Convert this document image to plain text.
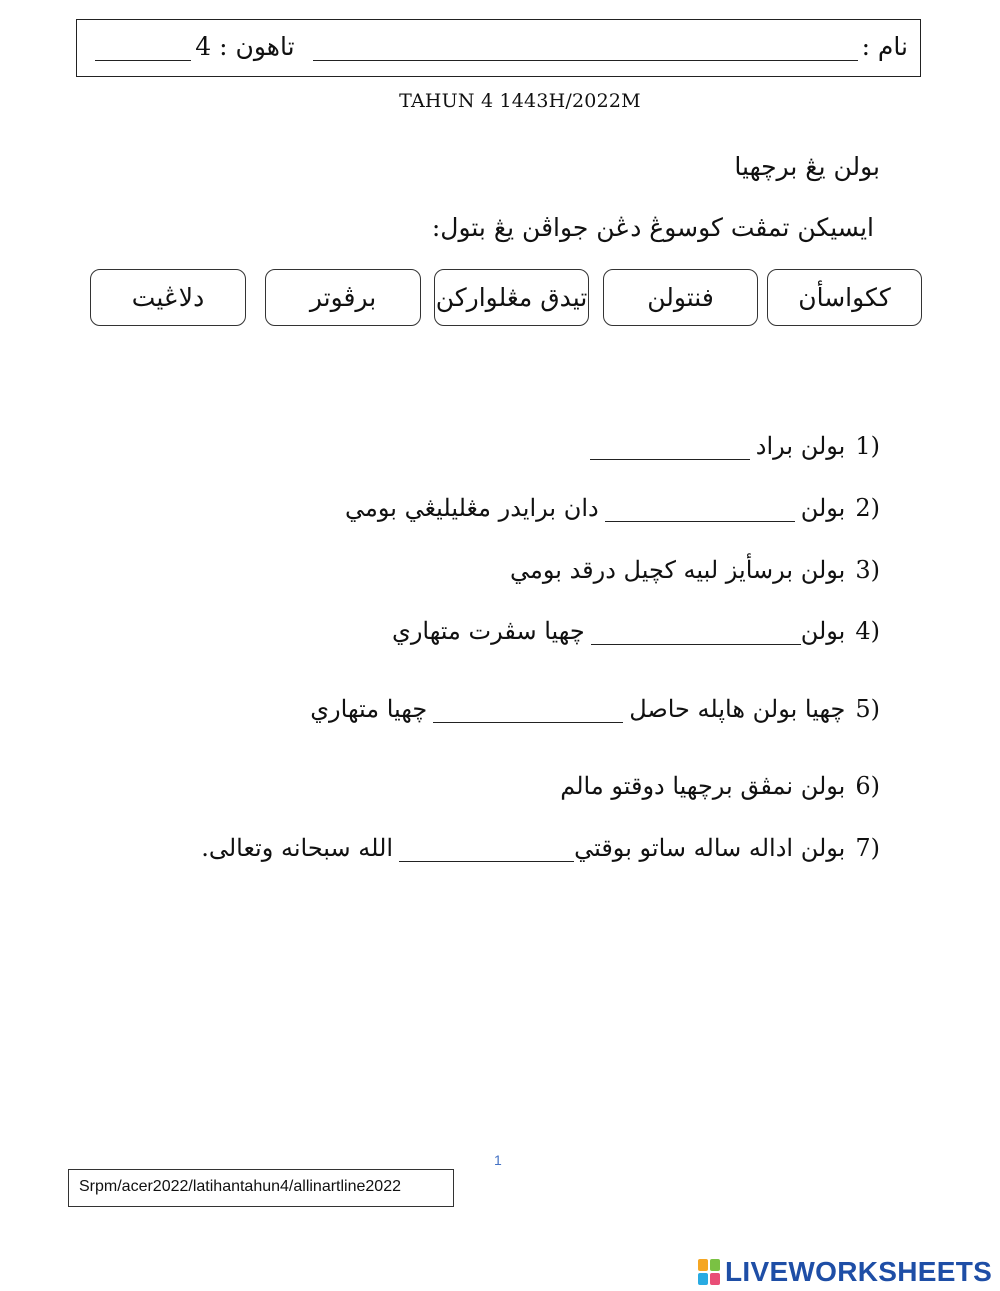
نام :
تاهون : 4
TAHUN 4 1443H/2022M
بولن يڠ برچهيا
ايسيکن تمڤت كوسوڠ دڠن جواڤن يڠ بتول:
ککواسأن
فنتولن
تيدق مڠلوارکن
برڤوتر
دلاڠيت
1)
بولن براد
2)
بولن
دان برايدر مڠليليڠي بومي
3)
بولن برسأيز لبيه کچيل درقد بومي
4)
بولن
چهيا سڤرت متهاري
5)
چهيا بولن هاڽله حاصل
چهيا متهاري
6)
بولن نمڤق برچهيا دوقتو مالم
7)
بولن اداله ساله ساتو بوقتي
الله سبحانه وتعالى.
1
Srpm/acer2022/latihantahun4/allinartline2022
LIVEWORKSHEETS
